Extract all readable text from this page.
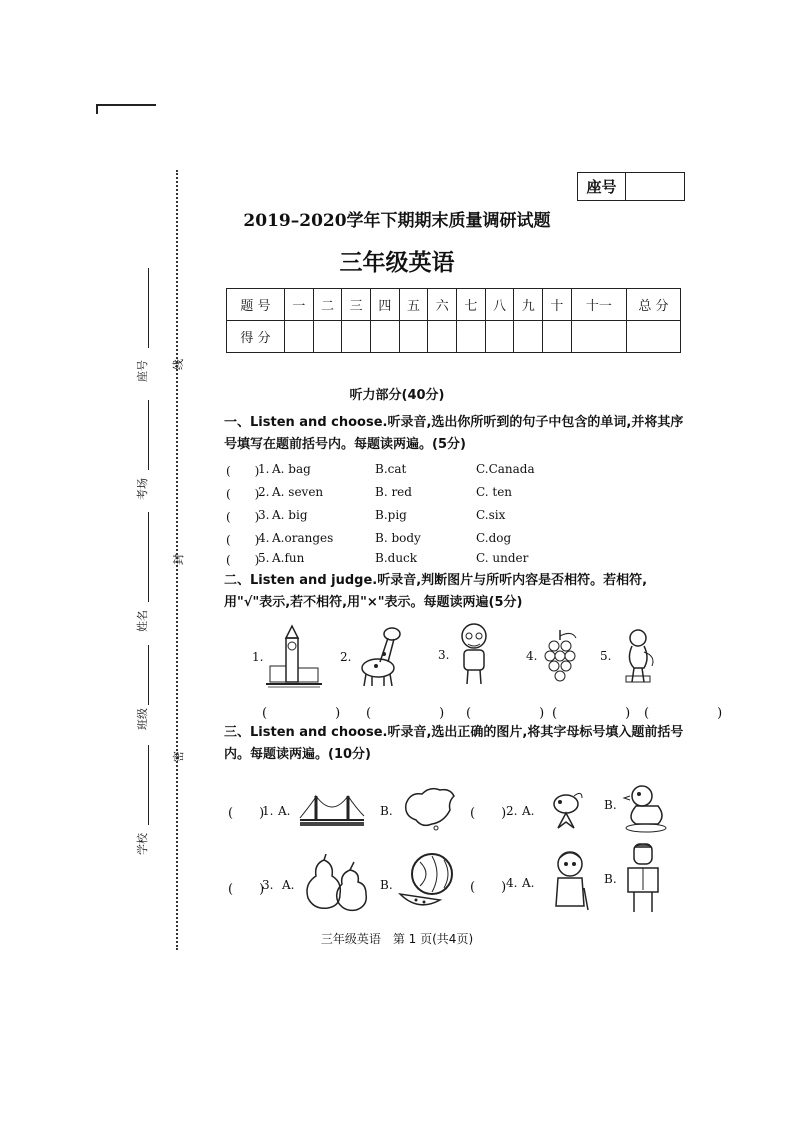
座号 线
考场
封
姓名
班级
密
学校
座号
2019–2020学年下期期末质量调研试题
三年级英语
题 号	一	二	三	四	五	六	七	八	九	十	十一	总 分
得 分												
听力部分(40分)
一、Listen and choose.听录音,选出你所听到的句子中包含的单词,并将其序号填写在题前括号内。每题读两遍。(5分)
(　　)
1. A. bag	B.cat	C.Canada
(　　)
2. A. seven	B. red	C. ten
(　　)
3. A. big	B.pig	C.six
(　　)
4. A.oranges	B. body	C.dog
(　　)
5. A.fun	B.duck	C. under
二、Listen and judge.听录音,判断图片与所听内容是否相符。若相符,用"√"表示,若不相符,用"×"表示。每题读两遍(5分)
1.	2.	3.	4.	5.
(　　) (　　) (　　)
(　　) (　　)
三、Listen and choose.听录音,选出正确的图片,将其字母标号填入题前括号内。每题读两遍。(10分)
(　　)
1. A.	B.	(　　) 2. A.	B.
(　　)
3. A.	B.	(　　) 4. A.	B.
三年级英语　第 1 页(共4页)
